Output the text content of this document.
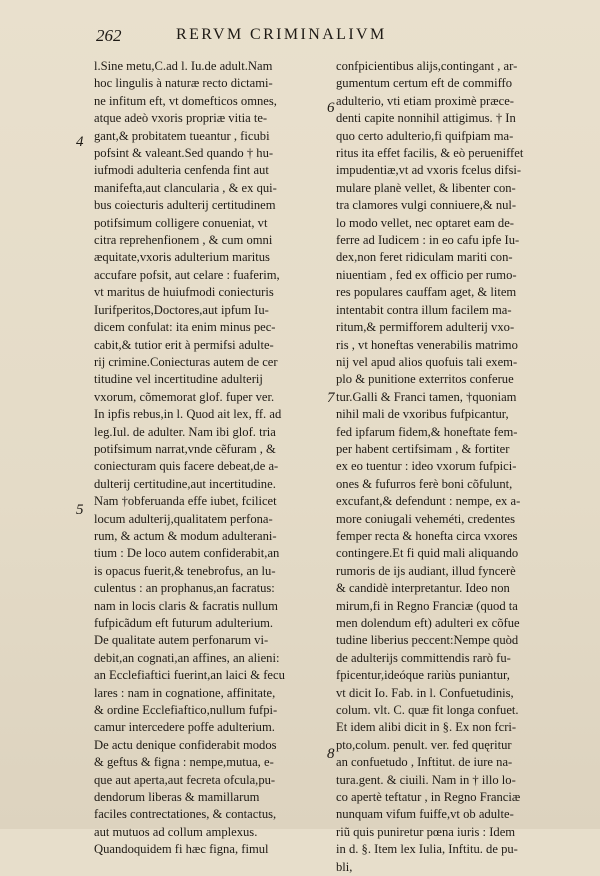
262	RERVM CRIMINALIVM
4
5
6
7
8
l.Sine metu,C.ad l. Iu.de adult.Nam
hoc lingulis à naturæ recto dictami-
ne infitum eft, vt domefticos omnes,
atque adeò vxoris propriæ vitia te-
gant,& probitatem tueantur , ficubi
pofsint & valeant.Sed quando † hu-
iufmodi adulteria cenfenda fint aut
manifefta,aut clancularia , & ex qui-
bus coiecturis adulterij certitudinem
potifsimum colligere conueniat, vt
citra reprehenfionem , & cum omni
æquitate,vxoris adulterium maritus
accufare pofsit, aut celare : fuaferim,
vt maritus de huiufmodi coniecturis
Iurifperitos,Doctores,aut ipfum Iu-
dicem confulat: ita enim minus pec-
cabit,& tutior erit à permifsi adulte-
rij crimine.Coniecturas autem de cer
titudine vel incertitudine adulterij
vxorum, cõmemorat glof. fuper ver.
In ipfis rebus,in l. Quod ait lex, ff. ad
leg.Iul. de adulter. Nam ibi glof. tria
potifsimum narrat,vnde cẽfuram , &
coniecturam quis facere debeat,de a-
dulterij certitudine,aut incertitudine.
Nam †obferuanda effe iubet, fcilicet
locum adulterij,qualitatem perfona-
rum, & actum & modum adulterani-
tium : De loco autem confiderabit,an
is opacus fuerit,& tenebrofus, an lu-
culentus : an prophanus,an facratus:
nam in locis claris & facratis nullum
fufpicãdum eft futurum adulterium.
De qualitate autem perfonarum vi-
debit,an cognati,an affines, an alieni:
an Ecclefiaftici fuerint,an laici & fecu
lares : nam in cognatione, affinitate,
& ordine Ecclefiaftico,nullum fufpi-
camur intercedere poffe adulterium.
De actu denique confiderabit modos
& geftus & figna : nempe,mutua, e-
que aut aperta,aut fecreta ofcula,pu-
dendorum liberas & mamillarum
faciles contrectationes, & contactus,
aut mutuos ad collum amplexus.
Quandoquidem fi hæc figna, fimul
confpicientibus alijs,contingant , ar-
gumentum certum eft de commiffo
adulterio, vti etiam proximè præce-
denti capite nonnihil attigimus. † In
quo certo adulterio,fi quifpiam ma-
ritus ita effet facilis, & eò perueniffet
impudentiæ,vt ad vxoris fcelus difsi-
mulare planè vellet, & libenter con-
tra clamores vulgi conniuere,& nul-
lo modo vellet, nec optaret eam de-
ferre ad Iudicem : in eo cafu ipfe Iu-
dex,non feret ridiculam mariti con-
niuentiam , fed ex officio per rumo-
res populares cauffam aget, & litem
intentabit contra illum facilem ma-
ritum,& permifforem adulterij vxo-
ris , vt honeftas venerabilis matrimo
nij vel apud alios quofuis tali exem-
plo & punitione exterritos conferue
tur.Galli & Franci tamen, †quoniam
nihil mali de vxoribus fufpicantur,
fed ipfarum fidem,& honeftate fem-
per habent certifsimam , & fortiter
ex eo tuentur : ideo vxorum fufpici-
ones & fufurros ferè boni cõfulunt,
excufant,& defendunt : nempe, ex a-
more coniugali veheméti, credentes
femper recta & honefta circa vxores
contingere.Et fi quid mali aliquando
rumoris de ijs audiant, illud fyncerè
& candidè interpretantur. Ideo non
mirum,fi in Regno Franciæ (quod ta
men dolendum eft) adulteri ex cõfue
tudine liberius peccent:Nempe quòd
de adulterijs committendis rarò fu-
fpicentur,ideóque rariùs puniantur,
vt dicit Io. Fab. in l. Confuetudinis,
colum. vlt. C. quæ fit longa confuet.
Et idem alibi dicit in §. Ex non fcri-
pto,colum. penult. ver. fed quęritur
an confuetudo , Inftitut. de iure na-
tura.gent. & ciuili. Nam in † illo lo-
co apertè teftatur , in Regno Franciæ
nunquam vifum fuiffe,vt ob adulte-
riũ quis puniretur pœna iuris : Idem
in d. §. Item lex Iulia, Inftitu. de pu-
bli,
